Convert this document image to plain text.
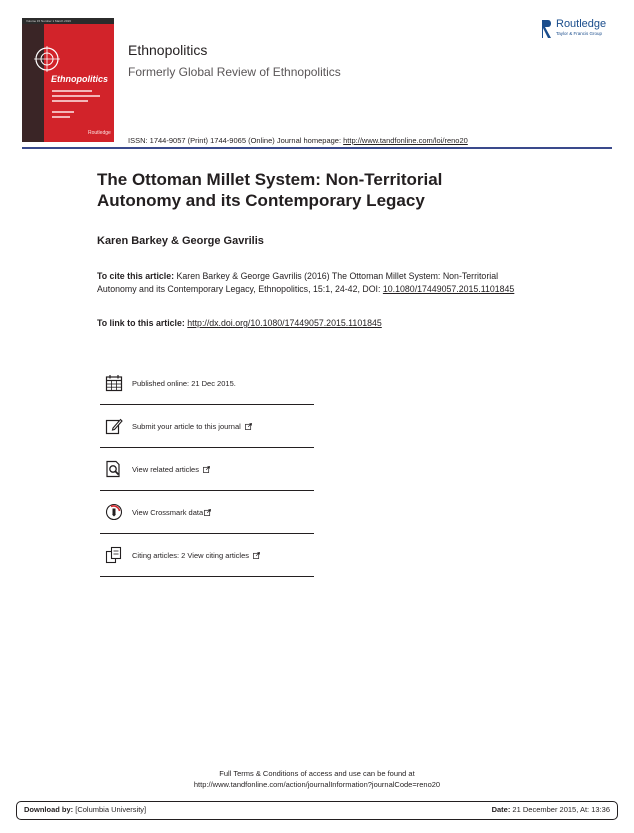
Volume 15 Number 1 March 2016
Ethnopolitics
Routledge
Routledge
Taylor & Francis Group
Ethnopolitics
Formerly Global Review of Ethnopolitics
ISSN: 1744-9057 (Print) 1744-9065 (Online) Journal homepage: http://www.tandfonline.com/loi/reno20
The Ottoman Millet System: Non-Territorial Autonomy and its Contemporary Legacy
Karen Barkey & George Gavrilis
To cite this article: Karen Barkey & George Gavrilis (2016) The Ottoman Millet System: Non-Territorial Autonomy and its Contemporary Legacy, Ethnopolitics, 15:1, 24-42, DOI: 10.1080/17449057.2015.1101845
To link to this article: http://dx.doi.org/10.1080/17449057.2015.1101845
Published online: 21 Dec 2015.
Submit your article to this journal
View related articles
View Crossmark data
Citing articles: 2 View citing articles
Full Terms & Conditions of access and use can be found at
http://www.tandfonline.com/action/journalInformation?journalCode=reno20
Download by: [Columbia University]	Date: 21 December 2015, At: 13:36
